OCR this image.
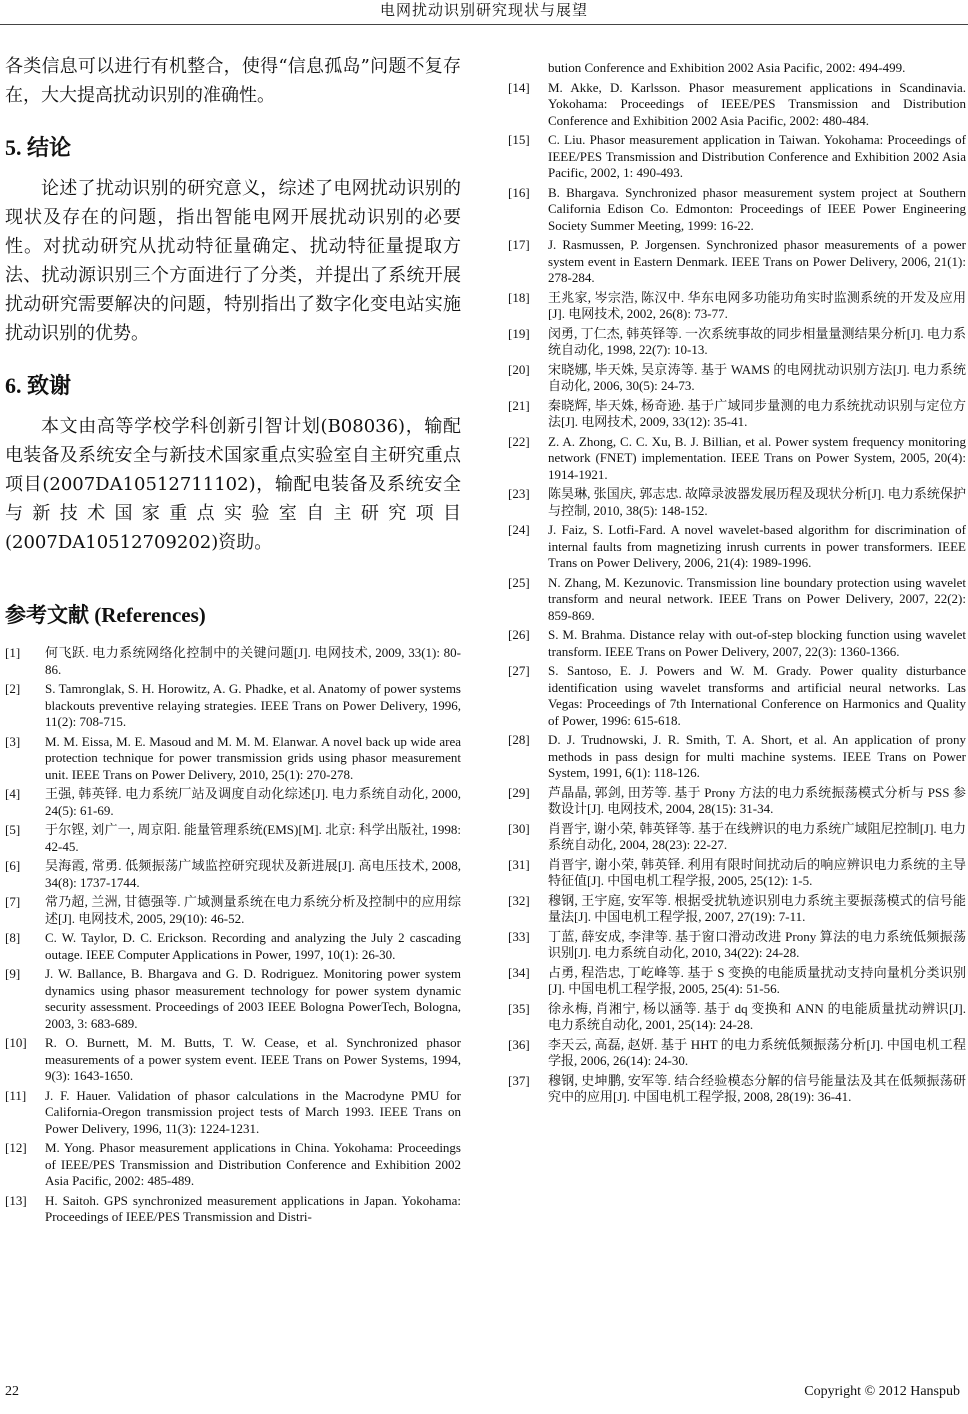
电网扰动识别研究现状与展望

各类信息可以进行有机整合，使得“信息孤岛”问题不复存在，大大提高扰动识别的准确性。

5. 结论

论述了扰动识别的研究意义，综述了电网扰动识别的现状及存在的问题，指出智能电网开展扰动识别的必要性。对扰动研究从扰动特征量确定、扰动特征量提取方法、扰动源识别三个方面进行了分类，并提出了系统开展扰动研究需要解决的问题，特别指出了数字化变电站实施扰动识别的优势。

6. 致谢

本文由高等学校学科创新引智计划(B08036)，输配电装备及系统安全与新技术国家重点实验室自主研究重点项目(2007DA10512711102)，输配电装备及系统安全与新技术国家重点实验室自主研究项目(2007DA10512709202)资助。

参考文献 (References)
[1]	何飞跃. 电力系统网络化控制中的关键问题[J]. 电网技术, 2009, 33(1): 80-86.
[2]	S. Tamronglak, S. H. Horowitz, A. G. Phadke, et al. Anatomy of power systems blackouts preventive relaying strategies. IEEE Trans on Power Delivery, 1996, 11(2): 708-715.
[3]	M. M. Eissa, M. E. Masoud and M. M. M. Elanwar. A novel back up wide area protection technique for power transmission grids using phasor measurement unit. IEEE Trans on Power Delivery, 2010, 25(1): 270-278.
[4]	王强, 韩英铎. 电力系统厂站及调度自动化综述[J]. 电力系统自动化, 2000, 24(5): 61-69.
[5]	于尔铿, 刘广一, 周京阳. 能量管理系统(EMS)[M]. 北京: 科学出版社, 1998: 42-45.
[6]	吴海霞, 常勇. 低频振荡广域监控研究现状及新进展[J]. 高电压技术, 2008, 34(8): 1737-1744.
[7]	常乃超, 兰洲, 甘德强等. 广域测量系统在电力系统分析及控制中的应用综述[J]. 电网技术, 2005, 29(10): 46-52.
[8]	C. W. Taylor, D. C. Erickson. Recording and analyzing the July 2 cascading outage. IEEE Computer Applications in Power, 1997, 10(1): 26-30.
[9]	J. W. Ballance, B. Bhargava and G. D. Rodriguez. Monitoring power system dynamics using phasor measurement technology for power system dynamic security assessment. Proceedings of 2003 IEEE Bologna PowerTech, Bologna, 2003, 3: 683-689.
[10]	R. O. Burnett, M. M. Butts, T. W. Cease, et al. Synchronized phasor measurements of a power system event. IEEE Trans on Power Systems, 1994, 9(3): 1643-1650.
[11]	J. F. Hauer. Validation of phasor calculations in the Macrodyne PMU for California-Oregon transmission project tests of March 1993. IEEE Trans on Power Delivery, 1996, 11(3): 1224-1231.
[12]	M. Yong. Phasor measurement applications in China. Yokohama: Proceedings of IEEE/PES Transmission and Distribution Conference and Exhibition 2002 Asia Pacific, 2002: 485-489.
[13]	H. Saitoh. GPS synchronized measurement applications in Japan. Yokohama: Proceedings of IEEE/PES Transmission and Distri-
bution Conference and Exhibition 2002 Asia Pacific, 2002: 494-499.
[14]	M. Akke, D. Karlsson. Phasor measurement applications in Scandinavia. Yokohama: Proceedings of IEEE/PES Transmission and Distribution Conference and Exhibition 2002 Asia Pacific, 2002: 480-484.
[15]	C. Liu. Phasor measurement application in Taiwan. Yokohama: Proceedings of IEEE/PES Transmission and Distribution Conference and Exhibition 2002 Asia Pacific, 2002, 1: 490-493.
[16]	B. Bhargava. Synchronized phasor measurement system project at Southern California Edison Co. Edmonton: Proceedings of IEEE Power Engineering Society Summer Meeting, 1999: 16-22.
[17]	J. Rasmussen, P. Jorgensen. Synchronized phasor measurements of a power system event in Eastern Denmark. IEEE Trans on Power Delivery, 2006, 21(1): 278-284.
[18]	王兆家, 岑宗浩, 陈汉中. 华东电网多功能功角实时监测系统的开发及应用[J]. 电网技术, 2002, 26(8): 73-77.
[19]	闵勇, 丁仁杰, 韩英铎等. 一次系统事故的同步相量量测结果分析[J]. 电力系统自动化, 1998, 22(7): 10-13.
[20]	宋晓娜, 毕天姝, 吴京涛等. 基于 WAMS 的电网扰动识别方法[J]. 电力系统自动化, 2006, 30(5): 24-73.
[21]	秦晓辉, 毕天姝, 杨奇逊. 基于广域同步量测的电力系统扰动识别与定位方法[J]. 电网技术, 2009, 33(12): 35-41.
[22]	Z. A. Zhong, C. C. Xu, B. J. Billian, et al. Power system frequency monitoring network (FNET) implementation. IEEE Trans on Power System, 2005, 20(4): 1914-1921.
[23]	陈昊琳, 张国庆, 郭志忠. 故障录波器发展历程及现状分析[J]. 电力系统保护与控制, 2010, 38(5): 148-152.
[24]	J. Faiz, S. Lotfi-Fard. A novel wavelet-based algorithm for discrimination of internal faults from magnetizing inrush currents in power transformers. IEEE Trans on Power Delivery, 2006, 21(4): 1989-1996.
[25]	N. Zhang, M. Kezunovic. Transmission line boundary protection using wavelet transform and neural network. IEEE Trans on Power Delivery, 2007, 22(2): 859-869.
[26]	S. M. Brahma. Distance relay with out-of-step blocking function using wavelet transform. IEEE Trans on Power Delivery, 2007, 22(3): 1360-1366.
[27]	S. Santoso, E. J. Powers and W. M. Grady. Power quality disturbance identification using wavelet transforms and artificial neural networks. Las Vegas: Proceedings of 7th International Conference on Harmonics and Quality of Power, 1996: 615-618.
[28]	D. J. Trudnowski, J. R. Smith, T. A. Short, et al. An application of prony methods in pass design for multi machine systems. IEEE Trans on Power System, 1991, 6(1): 118-126.
[29]	芦晶晶, 郭剑, 田芳等. 基于 Prony 方法的电力系统振荡模式分析与 PSS 参数设计[J]. 电网技术, 2004, 28(15): 31-34.
[30]	肖晋宇, 谢小荣, 韩英铎等. 基于在线辨识的电力系统广域阻尼控制[J]. 电力系统自动化, 2004, 28(23): 22-27.
[31]	肖晋宇, 谢小荣, 韩英铎. 利用有限时间扰动后的响应辨识电力系统的主导特征值[J]. 中国电机工程学报, 2005, 25(12): 1-5.
[32]	穆钢, 王宇庭, 安军等. 根据受扰轨迹识别电力系统主要振荡模式的信号能量法[J]. 中国电机工程学报, 2007, 27(19): 7-11.
[33]	丁蓝, 薛安成, 李津等. 基于窗口滑动改进 Prony 算法的电力系统低频振荡识别[J]. 电力系统自动化, 2010, 34(22): 24-28.
[34]	占勇, 程浩忠, 丁屹峰等. 基于 S 变换的电能质量扰动支持向量机分类识别[J]. 中国电机工程学报, 2005, 25(4): 51-56.
[35]	徐永梅, 肖湘宁, 杨以涵等. 基于 dq 变换和 ANN 的电能质量扰动辨识[J]. 电力系统自动化, 2001, 25(14): 24-28.
[36]	李天云, 高磊, 赵妍. 基于 HHT 的电力系统低频振荡分析[J]. 中国电机工程学报, 2006, 26(14): 24-30.
[37]	穆钢, 史坤鹏, 安军等. 结合经验模态分解的信号能量法及其在低频振荡研究中的应用[J]. 中国电机工程学报, 2008, 28(19): 36-41.
22	Copyright © 2012 Hanspub
